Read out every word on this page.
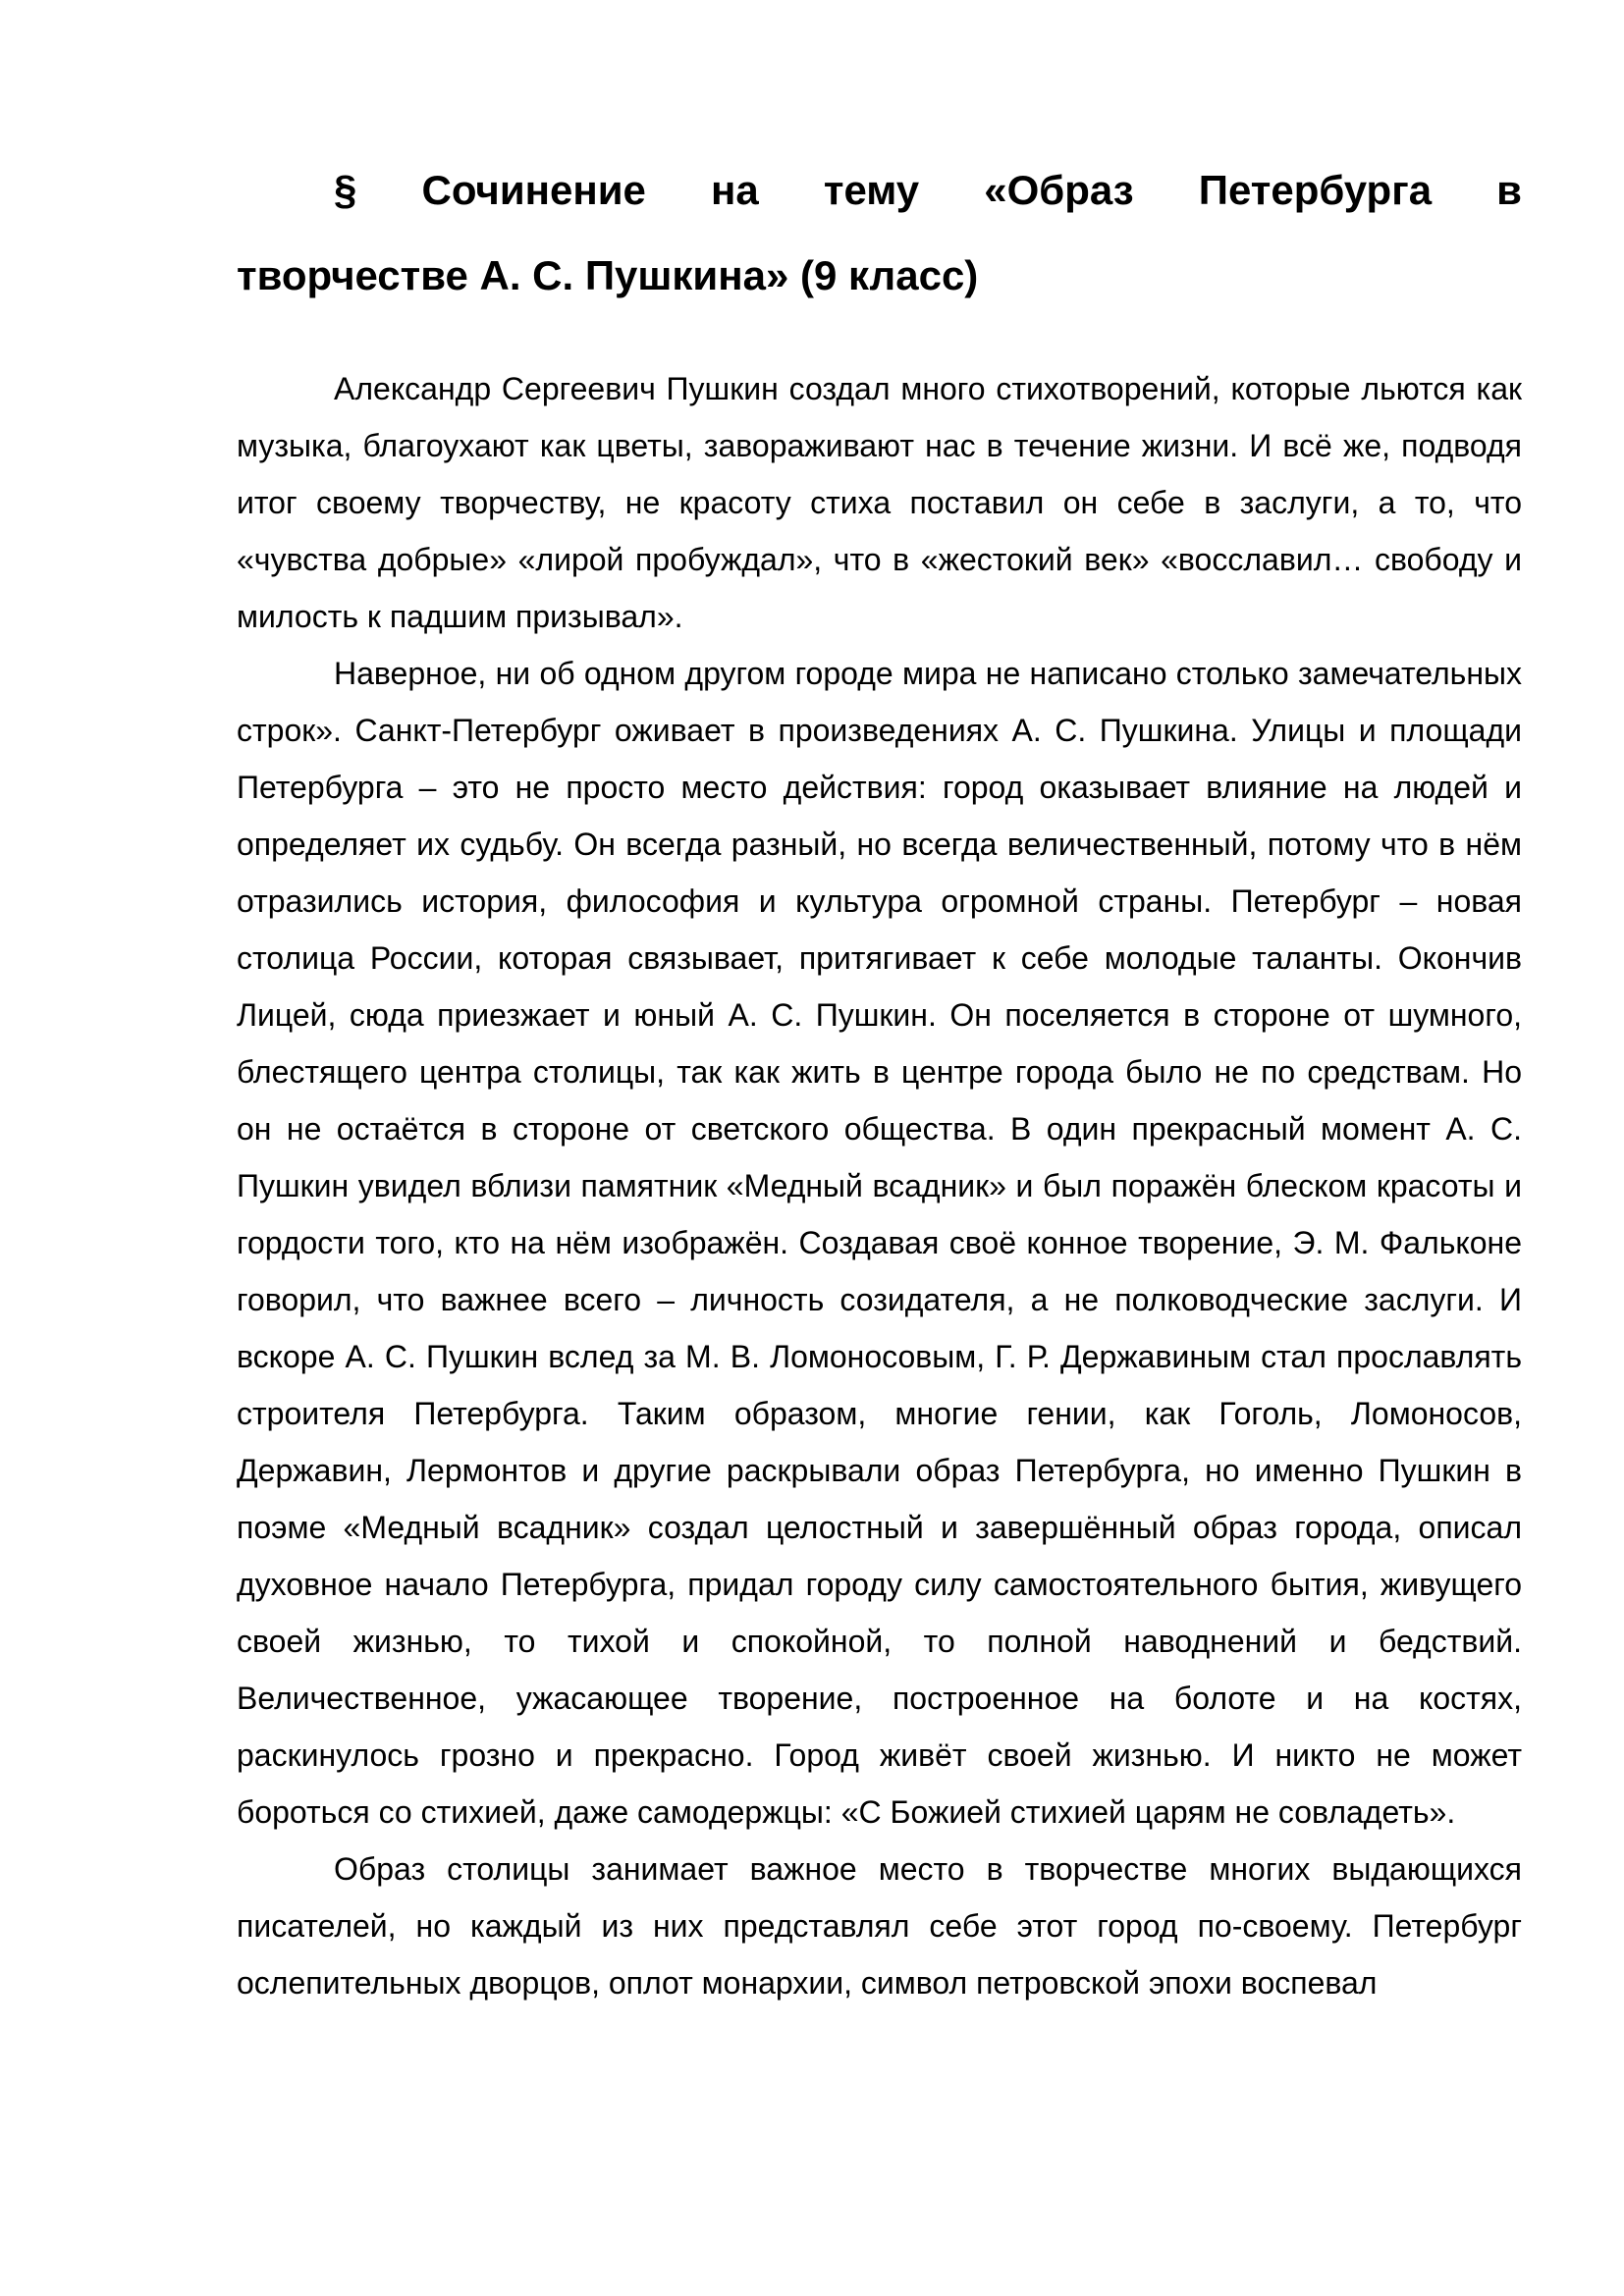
§ Сочинение на тему «Образ Петербурга в
творчестве А. С. Пушкина» (9 класс)

Александр Сергеевич Пушкин создал много стихотворений, которые льются как музыка, благоухают как цветы, завораживают нас в течение жизни. И всё же, подводя итог своему творчеству, не красоту стиха поставил он себе в заслуги, а то, что «чувства добрые» «лирой пробуждал», что в «жестокий век» «восславил… свободу и милость к падшим призывал».

Наверное, ни об одном другом городе мира не написано столько замечательных строк». Санкт-Петербург оживает в произведениях А. С. Пушкина. Улицы и площади Петербурга – это не просто место действия: город оказывает влияние на людей и определяет их судьбу. Он всегда разный, но всегда величественный, потому что в нём отразились история, философия и культура огромной страны. Петербург – новая столица России, которая связывает, притягивает к себе молодые таланты. Окончив Лицей, сюда приезжает и юный А. С. Пушкин. Он поселяется в стороне от шумного, блестящего центра столицы, так как жить в центре города было не по средствам. Но он не остаётся в стороне от светского общества. В один прекрасный момент А. С. Пушкин увидел вблизи памятник «Медный всадник» и был поражён блеском красоты и гордости того, кто на нём изображён. Создавая своё конное творение, Э. М. Фальконе говорил, что важнее всего – личность созидателя, а не полководческие заслуги. И вскоре А. С. Пушкин вслед за М. В. Ломоносовым, Г. Р. Державиным стал прославлять строителя Петербурга. Таким образом, многие гении, как Гоголь, Ломоносов, Державин, Лермонтов и другие раскрывали образ Петербурга, но именно Пушкин в поэме «Медный всадник» создал целостный и завершённый образ города, описал духовное начало Петербурга, придал городу силу самостоятельного бытия, живущего своей жизнью, то тихой и спокойной, то полной наводнений и бедствий. Величественное, ужасающее творение, построенное на болоте и на костях, раскинулось грозно и прекрасно. Город живёт своей жизнью. И никто не может бороться со стихией, даже самодержцы: «С Божией стихией царям не совладеть».

Образ столицы занимает важное место в творчестве многих выдающихся писателей, но каждый из них представлял себе этот город по-своему. Петербург ослепительных дворцов, оплот монархии, символ петровской эпохи воспевал
